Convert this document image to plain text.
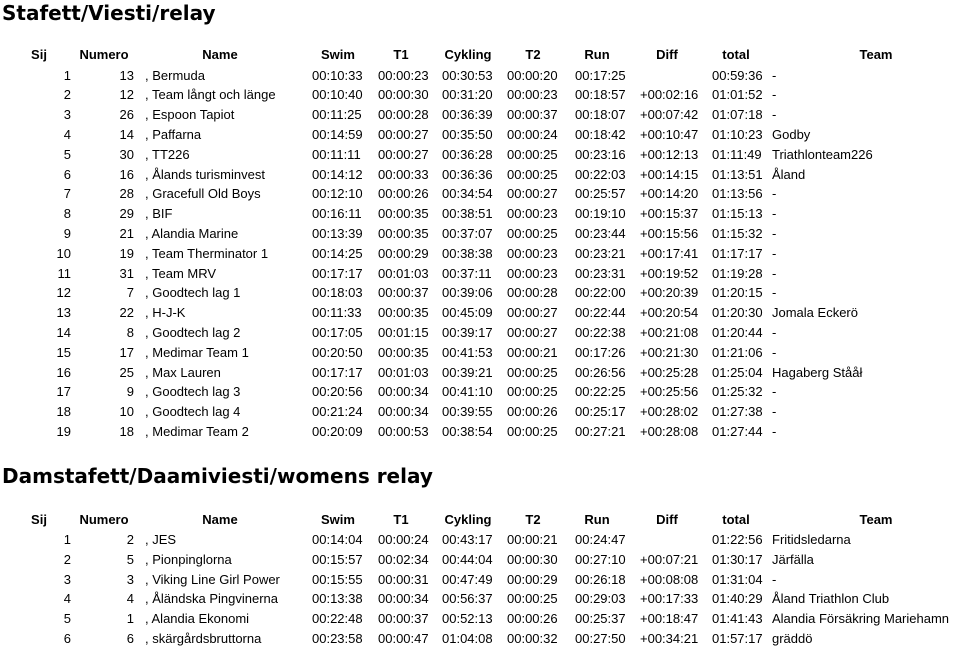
Stafett/Viesti/relay
Sij	Numero	Name	Swim	T1	Cykling	T2	Run	Diff	total	Team
1	13 , Bermuda	00:10:33 00:00:23 00:30:53 00:00:20 00:17:25	00:59:36 -
2	12 , Team långt och länge	00:10:40 00:00:30 00:31:20 00:00:23 00:18:57 +00:02:16 01:01:52 -
3	26 , Espoon Tapiot	00:11:25 00:00:28 00:36:39 00:00:37 00:18:07 +00:07:42 01:07:18 -
4	14 , Paffarna	00:14:59 00:00:27 00:35:50 00:00:24 00:18:42 +00:10:47 01:10:23 Godby
5	30 , TT226	00:11:11 00:00:27 00:36:28 00:00:25 00:23:16 +00:12:13 01:11:49 Triathlonteam226
6	16 , Ålands turisminvest	00:14:12 00:00:33 00:36:36 00:00:25 00:22:03 +00:14:15 01:13:51 Åland
7	28 , Gracefull Old Boys	00:12:10 00:00:26 00:34:54 00:00:27 00:25:57 +00:14:20 01:13:56 -
8	29 , BIF	00:16:11 00:00:35 00:38:51 00:00:23 00:19:10 +00:15:37 01:15:13 -
9	21 , Alandia Marine	00:13:39 00:00:35 00:37:07 00:00:25 00:23:44 +00:15:56 01:15:32 -
10	19 , Team Therminator 1	00:14:25 00:00:29 00:38:38 00:00:23 00:23:21 +00:17:41 01:17:17 -
11	31 , Team MRV	00:17:17 00:01:03 00:37:11 00:00:23 00:23:31 +00:19:52 01:19:28 -
12	7 , Goodtech lag 1	00:18:03 00:00:37 00:39:06 00:00:28 00:22:00 +00:20:39 01:20:15 -
13	22 , H-J-K	00:11:33 00:00:35 00:45:09 00:00:27 00:22:44 +00:20:54 01:20:30 Jomala Eckerö
14	8 , Goodtech lag 2	00:17:05 00:01:15 00:39:17 00:00:27 00:22:38 +00:21:08 01:20:44 -
15	17 , Medimar Team 1	00:20:50 00:00:35 00:41:53 00:00:21 00:17:26 +00:21:30 01:21:06 -
16	25 , Max Lauren	00:17:17 00:01:03 00:39:21 00:00:25 00:26:56 +00:25:28 01:25:04 Hagaberg Stååł
17	9 , Goodtech lag 3	00:20:56 00:00:34 00:41:10 00:00:25 00:22:25 +00:25:56 01:25:32 -
18	10 , Goodtech lag 4	00:21:24 00:00:34 00:39:55 00:00:26 00:25:17 +00:28:02 01:27:38 -
19	18 , Medimar Team 2	00:20:09 00:00:53 00:38:54 00:00:25 00:27:21 +00:28:08 01:27:44 -
Damstafett/Daamiviesti/womens relay
Sij	Numero	Name	Swim	T1	Cykling	T2	Run	Diff	total	Team
1	2 , JES	00:14:04 00:00:24 00:43:17 00:00:21 00:24:47	01:22:56 Fritidsledarna
2	5 , Pionpinglorna	00:15:57 00:02:34 00:44:04 00:00:30 00:27:10 +00:07:21 01:30:17 Järfälla
3	3 , Viking Line Girl Power 00:15:55 00:00:31 00:47:49 00:00:29 00:26:18 +00:08:08 01:31:04 -
4	4 , Åländska Pingvinerna	00:13:38 00:00:34 00:56:37 00:00:25 00:29:03 +00:17:33 01:40:29 Åland Triathlon Club
5	1 , Alandia Ekonomi	00:22:48 00:00:37 00:52:13 00:00:26 00:25:37 +00:18:47 01:41:43 Alandia Försäkring Mariehamn
6	6 , skärgårdsbruttorna	00:23:58 00:00:47 01:04:08 00:00:32 00:27:50 +00:34:21 01:57:17 gräddö
